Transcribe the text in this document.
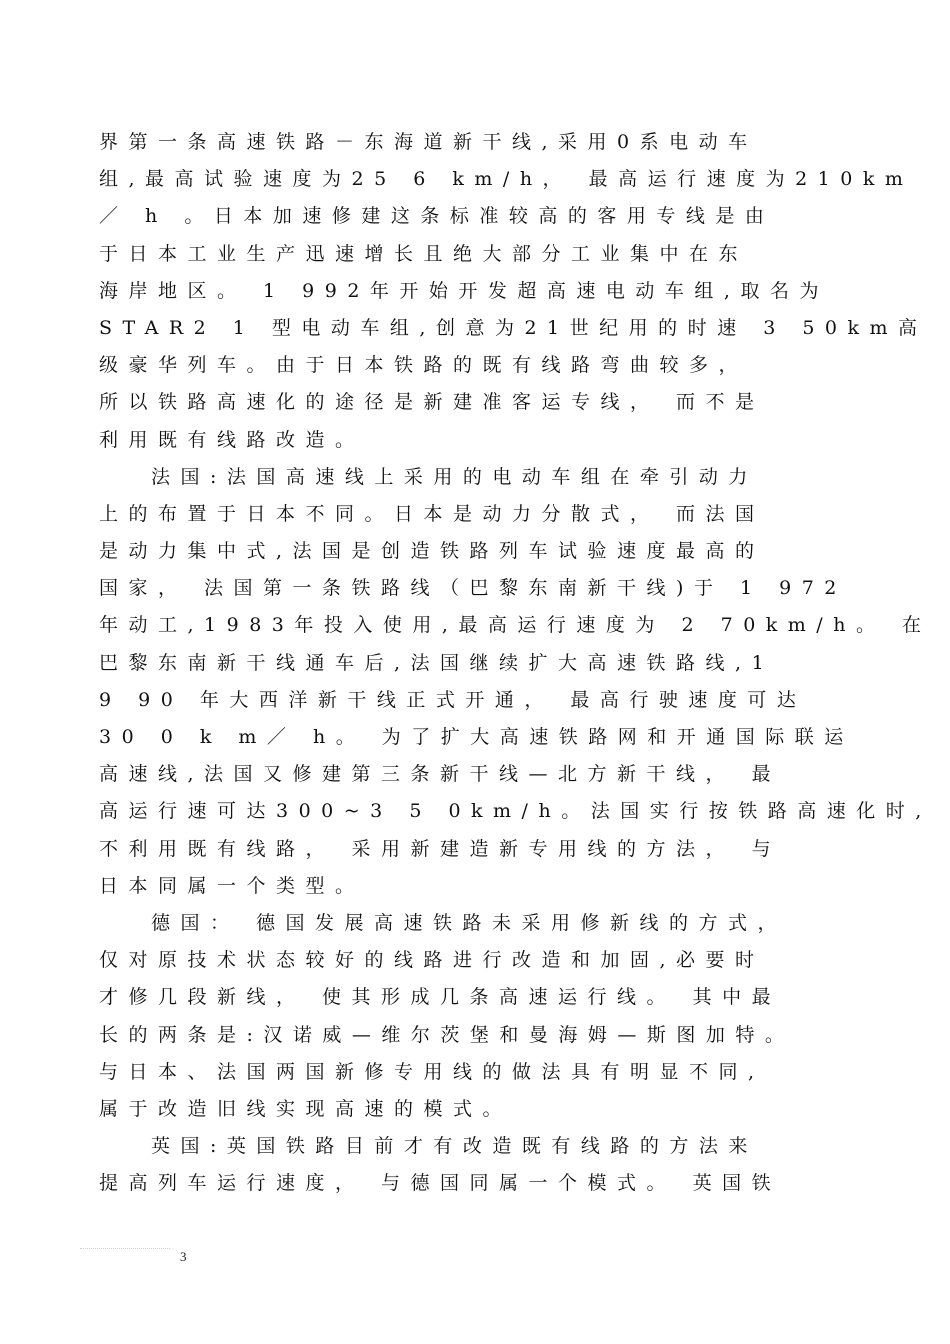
界第一条高速铁路－东海道新干线,采用0系电动车
组,最高试验速度为25 6 km/h， 最高运行速度为210km
／ h 。日本加速修建这条标准较高的客用专线是由
于日本工业生产迅速增长且绝大部分工业集中在东
海岸地区。 1 992年开始开发超高速电动车组,取名为
STAR2 1 型电动车组,创意为21世纪用的时速 3 50km高
级豪华列车。由于日本铁路的既有线路弯曲较多，
所以铁路高速化的途径是新建准客运专线， 而不是
利用既有线路改造。
法国:法国高速线上采用的电动车组在牵引动力
上的布置于日本不同。日本是动力分散式， 而法国
是动力集中式,法国是创造铁路列车试验速度最高的
国家， 法国第一条铁路线（巴黎东南新干线)于 1 972
年动工,1983年投入使用,最高运行速度为 2 70km/h。 在
巴黎东南新干线通车后,法国继续扩大高速铁路线,1
9 90 年大西洋新干线正式开通， 最高行驶速度可达
30 0 k m／ h。 为了扩大高速铁路网和开通国际联运
高速线,法国又修建第三条新干线—北方新干线， 最
高运行速可达300~3 5 0km/h。法国实行按铁路高速化时,
不利用既有线路， 采用新建造新专用线的方法， 与
日本同属一个类型。
德国： 德国发展高速铁路未采用修新线的方式，
仅对原技术状态较好的线路进行改造和加固,必要时
才修几段新线， 使其形成几条高速运行线。 其中最
长的两条是:汉诺威—维尔茨堡和曼海姆—斯图加特。
与日本、法国两国新修专用线的做法具有明显不同,
属于改造旧线实现高速的模式。
英国:英国铁路目前才有改造既有线路的方法来
提高列车运行速度， 与德国同属一个模式。 英国铁
3
